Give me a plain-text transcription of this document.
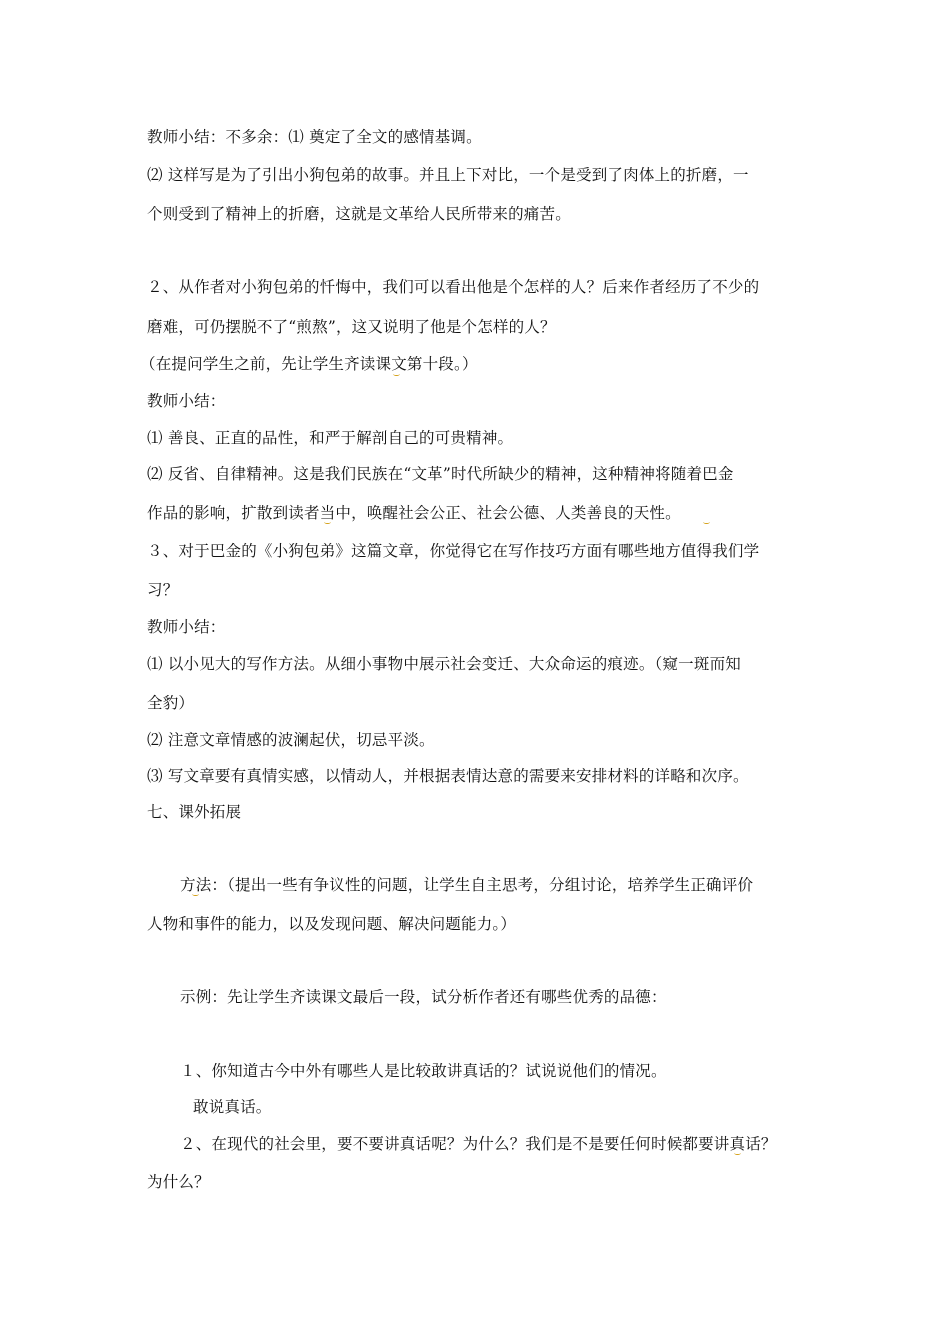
教师小结：不多余：⑴ 奠定了全文的感情基调。
⑵ 这样写是为了引出小狗包弟的故事。并且上下对比，一个是受到了肉体上的折磨，一
个则受到了精神上的折磨，这就是文革给人民所带来的痛苦。
２、从作者对小狗包弟的忏悔中，我们可以看出他是个怎样的人？后来作者经历了不少的
磨难，可仍摆脱不了“煎熬”，这又说明了他是个怎样的人？
（在提问学生之前，先让学生齐读课文第十段。）
教师小结：
⑴ 善良、正直的品性，和严于解剖自己的可贵精神。
⑵ 反省、自律精神。这是我们民族在“文革”时代所缺少的精神，这种精神将随着巴金
作品的影响，扩散到读者当中，唤醒社会公正、社会公德、人类善良的天性。
３、对于巴金的《小狗包弟》这篇文章，你觉得它在写作技巧方面有哪些地方值得我们学
习？
教师小结：
⑴ 以小见大的写作方法。从细小事物中展示社会变迁、大众命运的痕迹。（窥一斑而知
全豹）
⑵ 注意文章情感的波澜起伏，切忌平淡。
⑶ 写文章要有真情实感，以情动人，并根据表情达意的需要来安排材料的详略和次序。
七、课外拓展
方法：（提出一些有争议性的问题，让学生自主思考，分组讨论，培养学生正确评价
人物和事件的能力，以及发现问题、解决问题能力。）
示例：先让学生齐读课文最后一段，试分析作者还有哪些优秀的品德：
１、你知道古今中外有哪些人是比较敢讲真话的？试说说他们的情况。
敢说真话。
２、在现代的社会里，要不要讲真话呢？为什么？我们是不是要任何时候都要讲真话？
为什么？
